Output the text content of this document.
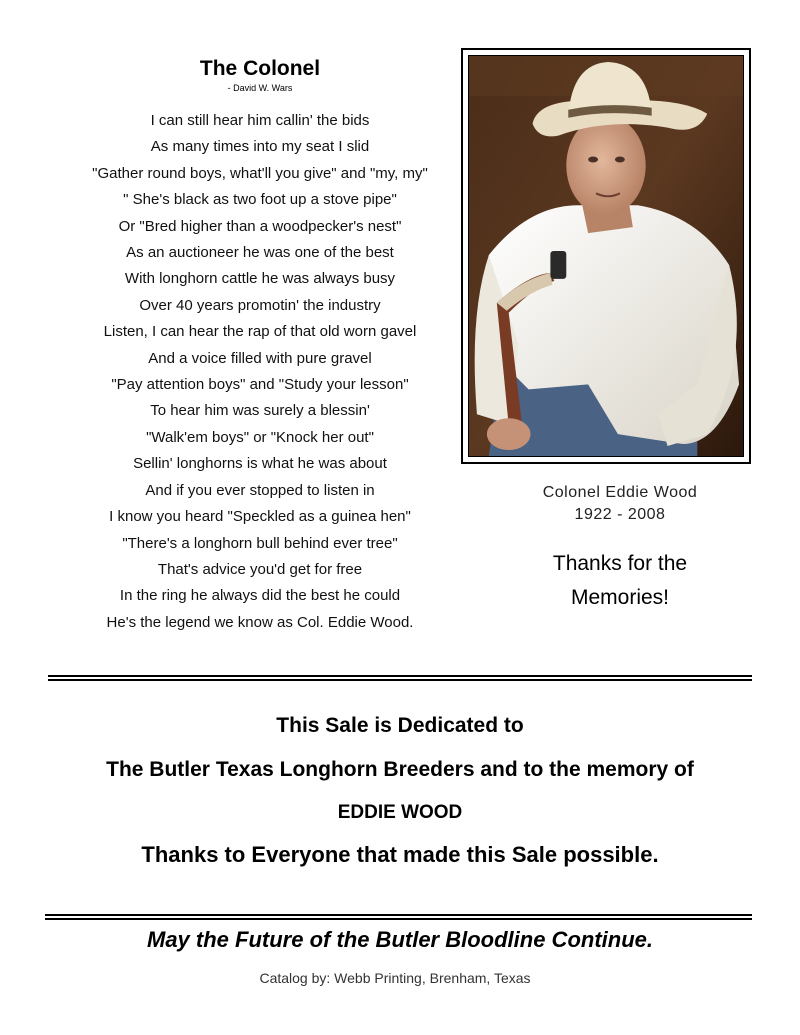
The Colonel

- David W. Wars

I can still hear him callin' the bids
As many times into my seat I slid
"Gather round boys, what'll you give" and "my, my"
" She's black as two foot up a stove pipe"
Or "Bred higher than a woodpecker's nest"
As an auctioneer he was one of the best
With longhorn cattle he was always busy
Over 40 years promotin' the industry
Listen, I can hear the rap of that old worn gavel
And a voice filled with pure gravel
"Pay attention boys" and "Study your lesson"
To hear him was surely a blessin'
"Walk'em boys" or "Knock her out"
Sellin' longhorns is what he was about
And if you ever stopped to listen in
I know you heard "Speckled as a guinea hen"
"There's a longhorn bull behind ever tree"
That's advice you'd get for free
In the ring he always did the best he could
He's the legend we know as Col. Eddie Wood.
Colonel Eddie Wood
1922 - 2008
Thanks for the
Memories!
This Sale is Dedicated to
The Butler Texas Longhorn Breeders and to the memory of
EDDIE WOOD
Thanks to Everyone that made this Sale possible.
May the Future of the Butler Bloodline Continue.
Catalog by: Webb Printing, Brenham, Texas
